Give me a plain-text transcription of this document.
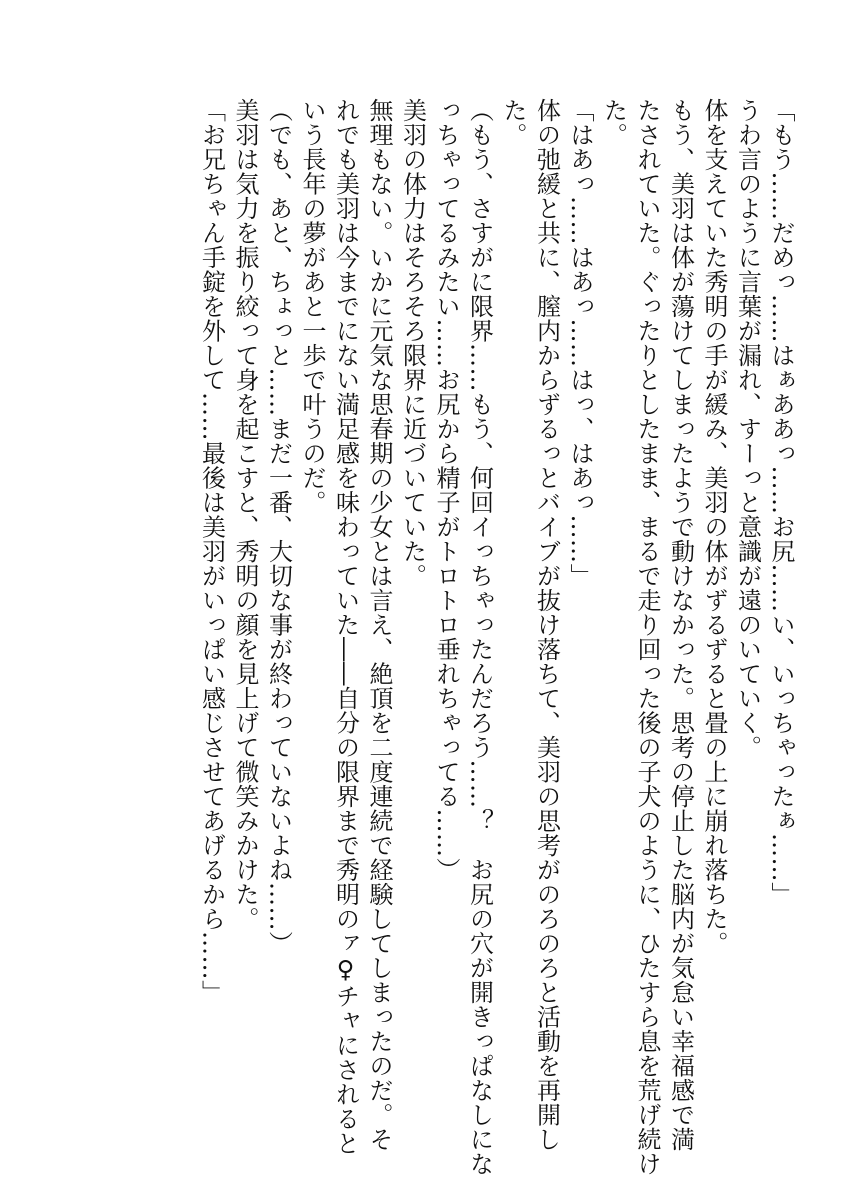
「もう……だめっ……はぁああっ……お尻……い、いっちゃったぁ……」
うわ言のように言葉が漏れ、すーっと意識が遠のいていく。
体を支えていた秀明の手が緩み、美羽の体がずるずると畳の上に崩れ落ちた。
もう、美羽は体が蕩けてしまったようで動けなかった。思考の停止した脳内が気怠い幸福感で満
たされていた。ぐったりとしたまま、まるで走り回った後の子犬のように、ひたすら息を荒げ続け
た。
「はあっ……はあっ……はっ、はあっ……」
体の弛緩と共に、膣内からずるっとバイブが抜け落ちて、美羽の思考がのろのろと活動を再開し
た。
（もう、さすがに限界……もう、何回イっちゃったんだろう……？　お尻の穴が開きっぱなしにな
っちゃってるみたい……お尻から精子がトロトロ垂れちゃってる……）
美羽の体力はそろそろ限界に近づいていた。
無理もない。いかに元気な思春期の少女とは言え、絶頂を二度連続で経験してしまったのだ。そ
れでも美羽は今までにない満足感を味わっていた――自分の限界まで秀明のァ♀チャにされると
いう長年の夢があと一歩で叶うのだ。
（でも、あと、ちょっと……まだ一番、大切な事が終わっていないよね……）
美羽は気力を振り絞って身を起こすと、秀明の顔を見上げて微笑みかけた。
「お兄ちゃん手錠を外して……最後は美羽がいっぱい感じさせてあげるから……」
